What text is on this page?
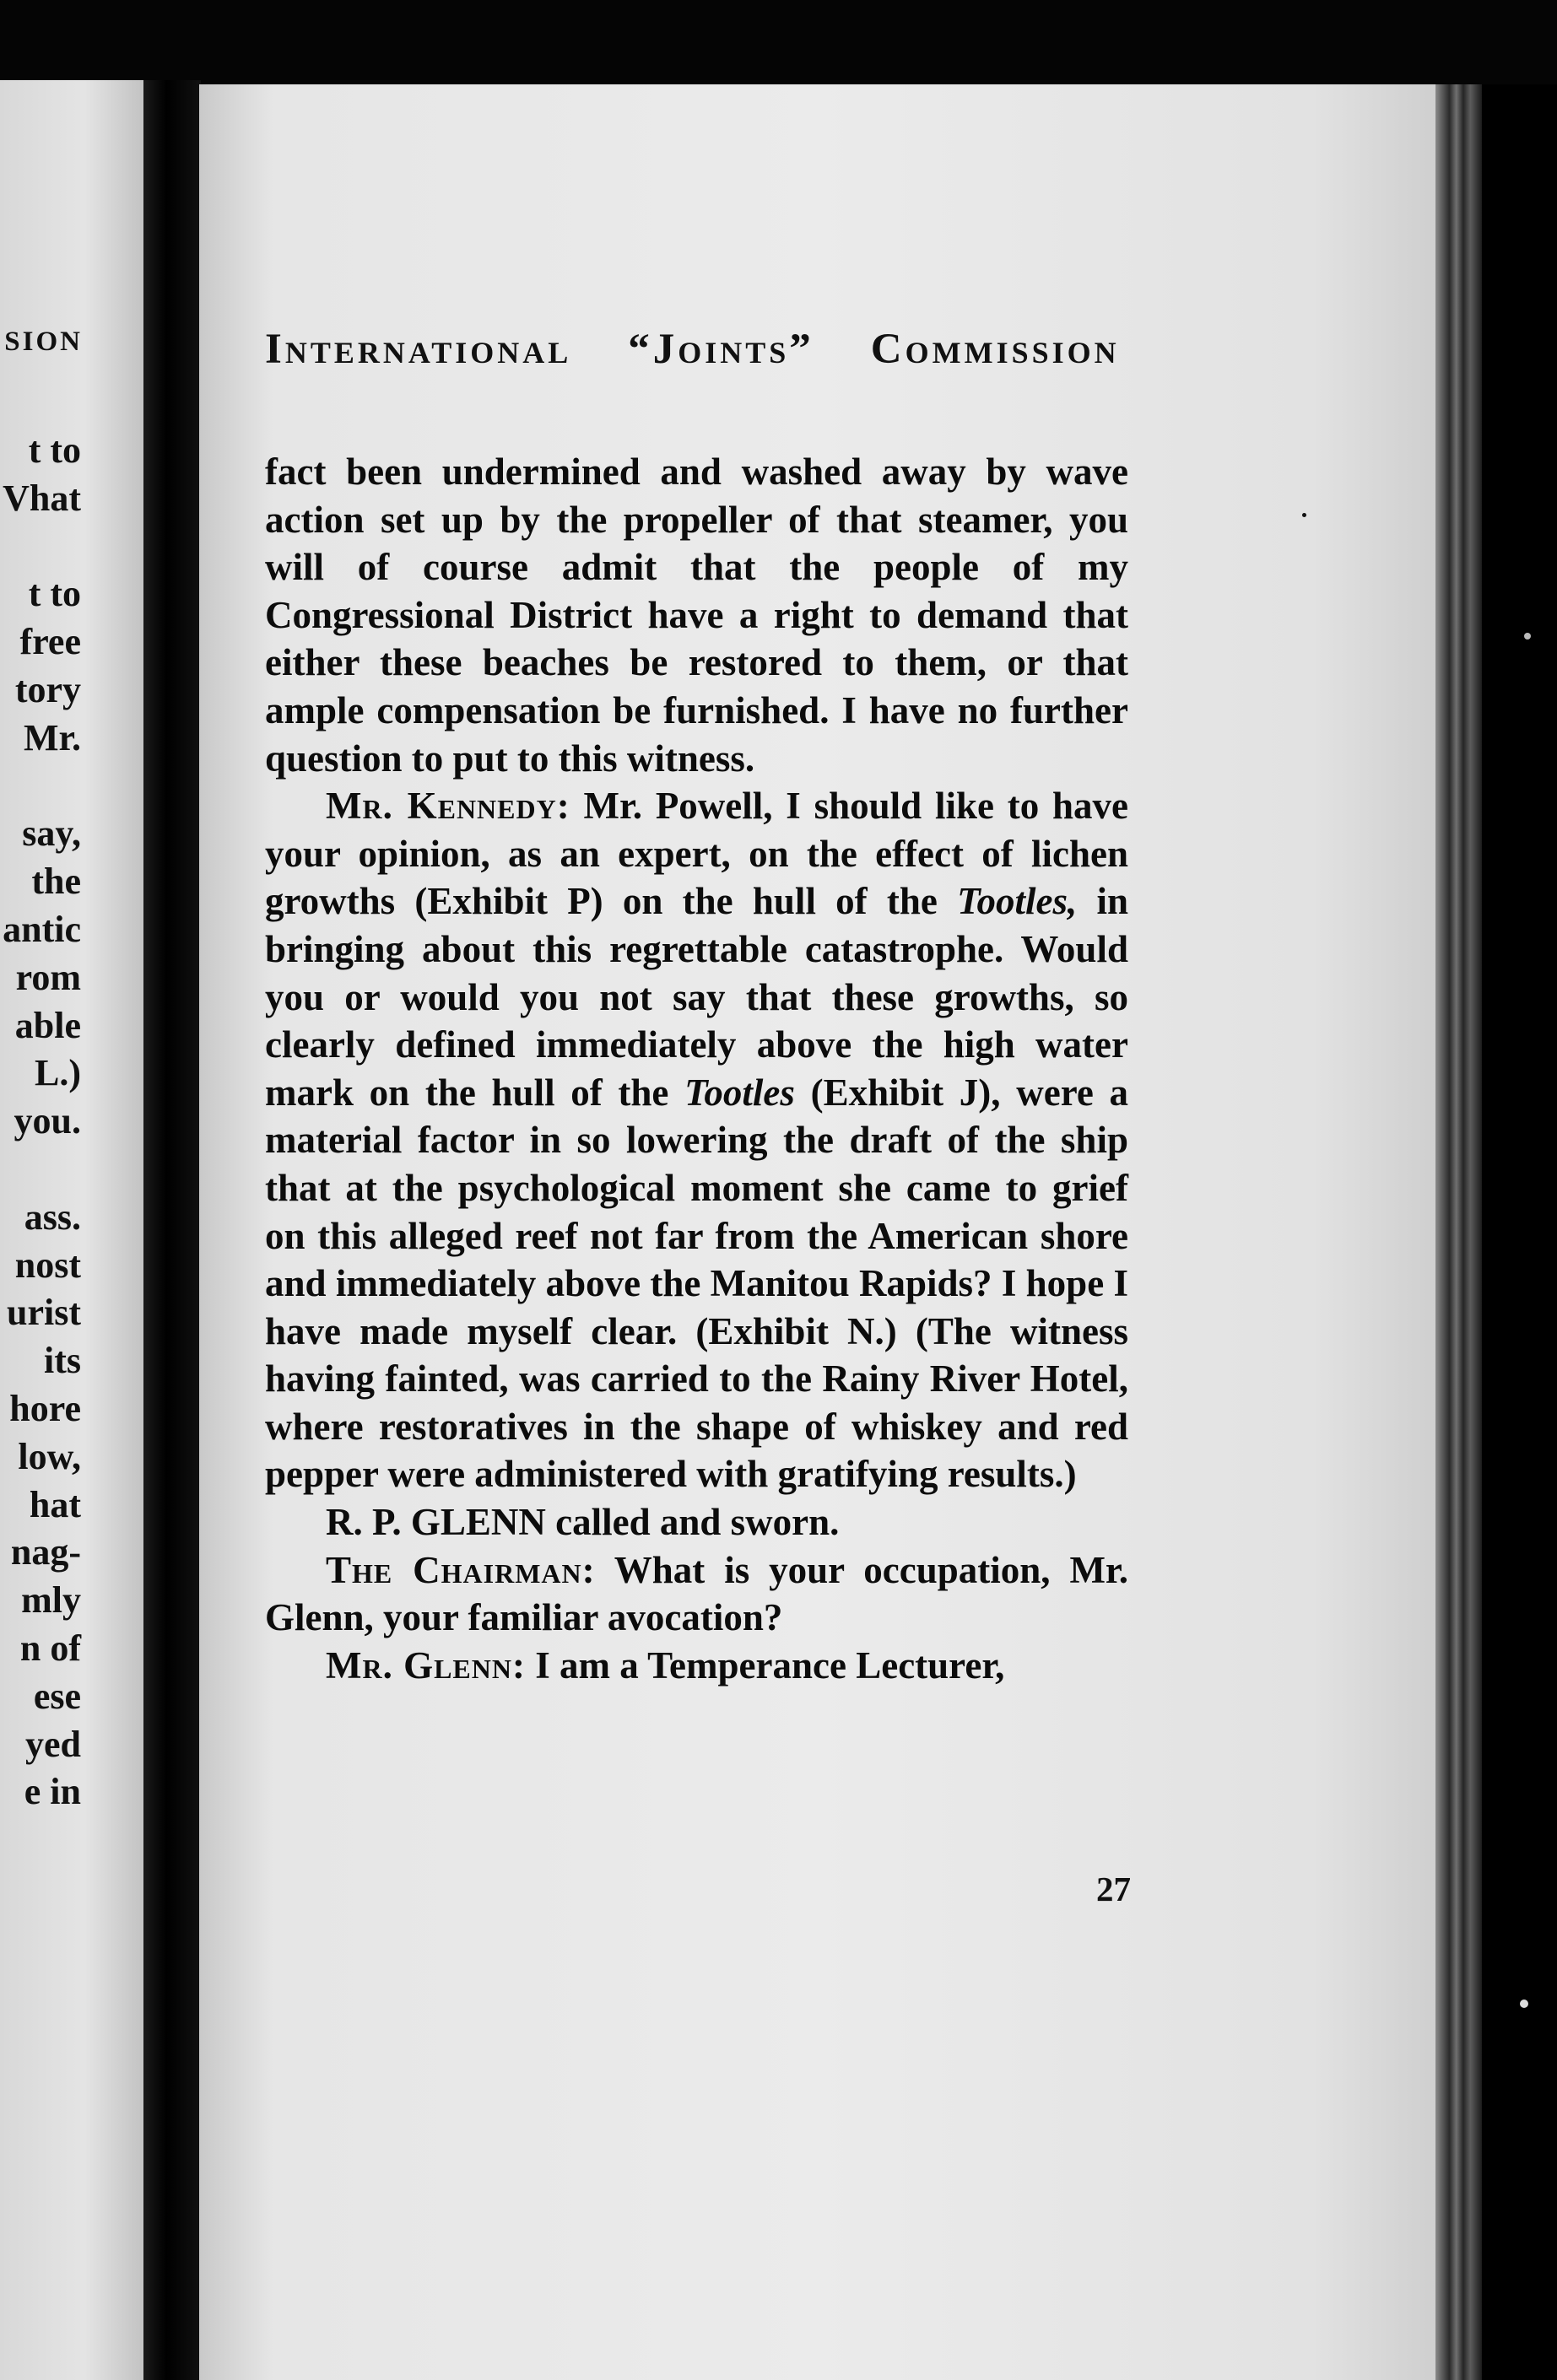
SION
t to
Vhat
t to
free
tory
Mr.
say,
the
antic
rom
able
L.)
you.
ass.
nost
urist
its
hore
low,
hat
nag-
mly
n of
ese
yed
e in
International “Joints” Commission

fact been undermined and washed away by wave action set up by the propeller of that steamer, you will of course admit that the people of my Congressional District have a right to demand that either these beaches be restored to them, or that ample compensation be furnished. I have no further question to put to this witness.

Mr. Kennedy: Mr. Powell, I should like to have your opinion, as an expert, on the effect of lichen growths (Exhibit P) on the hull of the Tootles, in bringing about this regrettable catastrophe. Would you or would you not say that these growths, so clearly defined immediately above the high water mark on the hull of the Tootles (Exhibit J), were a material factor in so lowering the draft of the ship that at the psychological moment she came to grief on this alleged reef not far from the American shore and immediately above the Manitou Rapids? I hope I have made myself clear. (Exhibit N.) (The witness having fainted, was carried to the Rainy River Hotel, where restoratives in the shape of whiskey and red pepper were administered with gratifying results.)

R. P. GLENN called and sworn.

The Chairman: What is your occupation, Mr. Glenn, your familiar avocation?

Mr. Glenn: I am a Temperance Lecturer,

27
